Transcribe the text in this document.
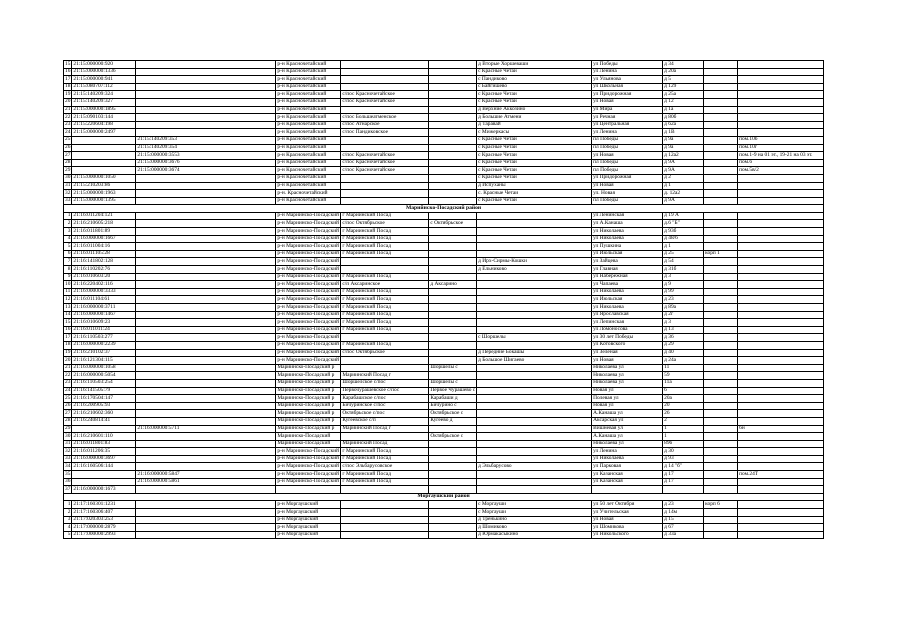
15	21:15:000000:920		р-н Красночетайский			д Вторые Хоршеваши	ул Победы	д 34		
16	21:15:000000:1336		р-н Красночетайский			с Красные Четаи	ул Ленина	д 20а		
17	21:15:000000:941		р-н Красночетайский			с Пандиково	ул Ульянова	д 5		
18	21:15:080707:112		р-н Красночетайский			с Байгишево	ул Школьная	д 129		
19	21:15:140209:324		р-н Красночетайский	с/пос Красночетайское		с Красные Четаи	ул Придорожная	д 25а		
20	21:15:140209:327		р-н Красночетайский	с/пос Красночетайское		с Красные Четаи	ул Новая	д 12		
21	21:15:000000:1895		р-н Красночетайский			д Верхние Аккозино	ул Мира	д 1а		
22	21:15:090103:144		р-н Красночетайский	с/пос Большеатменское		д Большие Атмени	ул Речная	д 80б		
23	21:15:220604:198		р-н Красночетайский	с/пос Атнарское		д Таравай	ул Центральная	д 62а		
24	21:15:000000:2497		р-н Красночетайский	с/пос Пандиковское		с Мижеркасы	ул Ленина	д 1В		
25		21:15:140209:353	р-н Красночетайский			с Красные Четаи	пл Победы	д 9а		пом.10б
26		21:15:140209:354	р-н Красночетайский			с Красные Четаи	пл Победы	д 9а		пом.10г
27		21:15:000000:3553	р-н Красночетайский	с/пос Красночетайское		с Красные Четаи	ул Новая	д 12а2		пом.1-9 на 01 эт., 19-21 на 03 эт.
28		21:15:000000:3676	р-н Красночетайский	с/пос Красночетайское		с Красные Четаи	пл Победы	д 9А		пом.6
29		21:15:000000:3674	р-н Красночетайский	с/пос Красночетайское		с Красные Четаи	пл Победы	д 9А		пом.5в/2
30	21:15:000000:1050		р-н Красночетайский			с Красные Четаи	ул Придорожная	д 2		
31	21:15:210203:86		р-н Красночетайский			д Испуханы	ул Новая	д 1		
32	21:15:000000:1963		р-н. Красночетайский			с. Красные Четаи	ул. Новая	д. 12а2		
33	21:15:000000:1395		р-н Красночетайский			с Красные Четаи	пл Победы	д 9А		
Марийнско-Посадский район										
1	21:16:011204:121		р-н Мариинско-Посадский	г Мариинский Посад			ул Ленинская	д 19 А		
2	21:16:210605:218		р-н Мариинско-Посадский	с/пос Октябрьское	с Октябрьское		ул А.Канаша	д.6 "Б"		
3	21:16:011801:89		р-н Мариинско-Посадский	г Мариинский Посад			ул Николаева	д 93б		
4	21:16:000000:1667		р-н Мариинско-Посадский	г Мариинский Посад			ул Николаева	д 48/6		
5	21:16:011004:16		р-н Мариинско-Посадский	г Мариинский Посад			ул Пушкина	д 1		
6	21:16:011105:28		р-н Мариинско-Посадский	г Мариинский Посад			ул Июльская	д 25	корп 1	
7	21:16:141802:128		р-н Мариинско-Посадский			д Ирх-Сирмы-Кошки	ул Зайцева	д 54		
8	21:16:110202:76		р-н Мариинско-Посадский			д Ельниково	ул Главная	д 31б		
9	21:16:010603:20		р-н Мариинско-Посадский	г Мариинский Посад			ул Набережная	д 3		
10	21:16:220402:116		р-н Мариинско-Посадский	с/п Аксаринское	д Аксарино		ул Чапаева	д 9		
11	21:16:000000:3333		р-н Мариинско-Посадский	г Мариинский Посад			ул Николаева	д 99		
12	21:16:011104:61		р-н Мариинско-Посадский	г Мариинский Посад			ул Июльская	д 23		
13	21:16:000000:3711		р-н Мариинско-Посадский	г Мариинский Посад			ул Николаева	д 89а		
14	21:16:000000:1467		р-н Мариинско-Посадский	г Мариинский Посад			ул Ярославская	д 2г		
15	21:16:010609:23		р-н Мариинско-Посадский	г Мариинский Посад			ул Лепинская	д 3		
16	21:16:011011:24		р-н Мариинско-Посадский	г Мариинский Посад			ул Ломоносова	д 13		
17	21:16:110503:277		р-н Мариинско-Посадский			с Шоршелы	ул 30 лет Победы	д 36		
18	21:16:000000:2239		р-н Мариинско-Посадский	г Мариинский Посад			ул Котовского	д 29		
19	21:16:210102:37		р-н Мариинско-Посадский	с/пос Октябрьское		д Передние Бокашы	ул Зеленая	д 40		
20	21:16:121304:115		р-н Мариинско-Посадский			д Большое Шигаево	ул Новая	д 24а		
21	21:16:000000:1058		Мариинско-Посадский р		Шоршелы с		Николаева ул	11		
22	21:16:000000:5054		Мариинско-Посадский р	Мариинский Посад г			Николаева ул	59		
23	21:16:110503:254		Мариинско-Посадский р	Шоршелское с/пос	Шоршелы с		Николаева ул	11а		
24	21:16:141505:79		Мариинско-Посадский р	Первочурашевское с/пос	Первое Чурашево с		Новая ул	6		
25	21:16:170504:147		Мариинско-Посадский р	Карабашское с/пос	Карабаши д		Полевая ул	20а		
26	21:16:200905:93		Мариинско-Посадский р	Бичуринское с/пос	Бичурино с		Новая ул	20		
27	21:16:210602:360		Мариинско-Посадский р	Октябрьское с/пос	Октябрьское с		А.Канаша ул	26		
28	21:16:240814:41		Мариинско-Посадский р	Кугеевское с/п	Кугеево д		Аксарская ул	2		
29		21:16:000000:5711	Мариинско-Посадский р	Мариинский Посад г			Вишневая ул	1		6н
30	21:16:210601:110		Мариинско-Посадский		Октябрьское с		А.Канаша ул	1		
31	21:16:011801:83		Мариинско-Посадский	Мариинский Посад			Николаева ул	89б		
32	21:16:011206:35		р-н Мариинско-Посадский	г Мариинский Посад			ул Ленина	д 30		
33	21:16:000000:3697		р-н Мариинско-Посадский	г Мариинский Посад			ул Николаева	д 93		
34	21:16:160506:144		р-н Мариинско-Посадский	с/пос Эльбарусовское		д Эльбарусово	ул Парковая	д 14 "б"		
35		21:16:000000:5847	р-н Мариинско-Посадский	г Мариинский Посад			ул Казанская	д 17		пом.24Т
36		21:16:000000:5861	р-н Мариинско-Посадский	г Мариинский Посад			ул Казанская	д 17		
37	21:16:000000:1673									
Моргаушский район										
1	21:17:160301:1231		р-н Моргаушский			с Моргауши	ул 50 лет Октября	д 23	корп 6	
2	21:17:160306:407		р-н Моргаушский			с Моргауши	ул Учительская	д 14м		
3	21:17:020303:253		р-н Моргаушский			д Тренькино	ул Новая	д 15		
4	21:17:000000:2879		р-н Моргаушский			д Шомиково	ул Шомикова	д 67		
5	21:17:000000:2993		р-н Моргаушский			д Юрмакасыкино	ул Никольского	д 33а		
